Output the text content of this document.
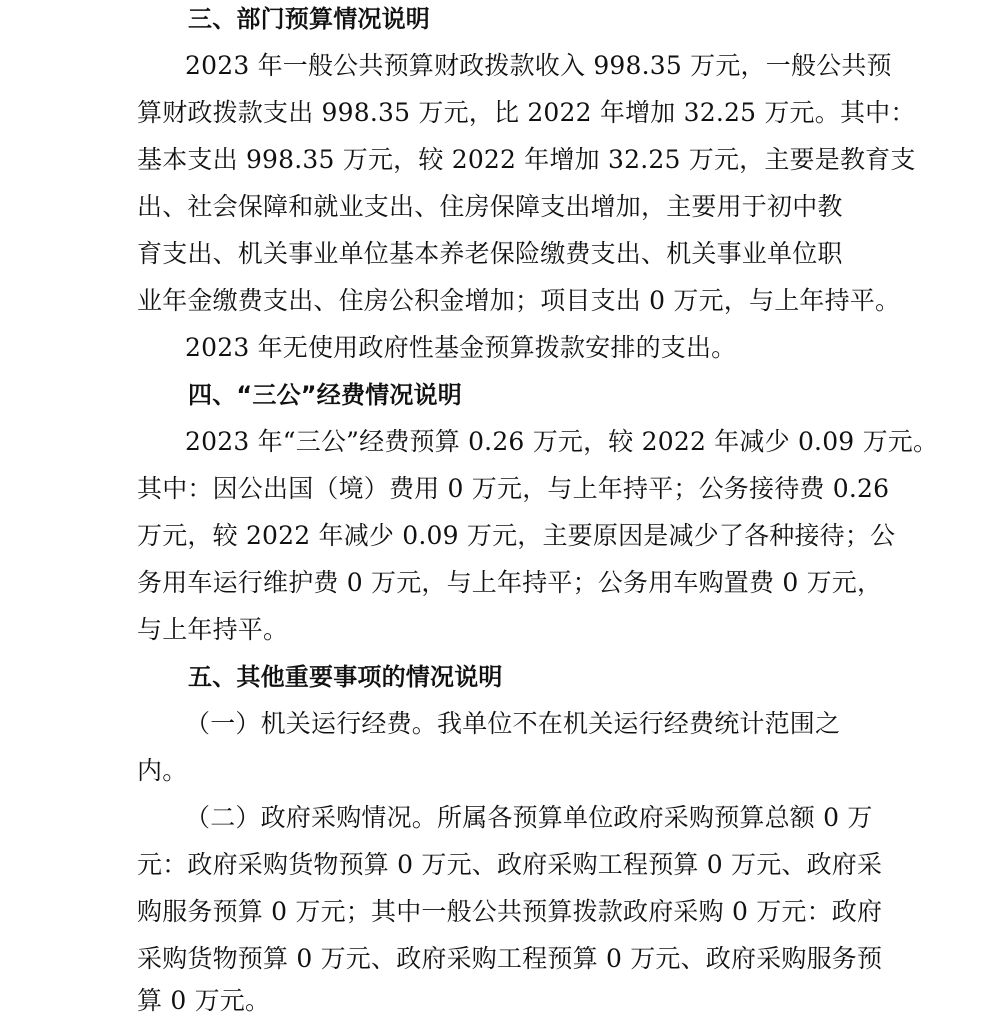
三、部门预算情况说明
2023 年一般公共预算财政拨款收入 998.35 万元，一般公共预
算财政拨款支出 998.35 万元，比 2022 年增加 32.25 万元。其中：
基本支出 998.35 万元，较 2022 年增加 32.25 万元，主要是教育支
出、社会保障和就业支出、住房保障支出增加，主要用于初中教
育支出、机关事业单位基本养老保险缴费支出、机关事业单位职
业年金缴费支出、住房公积金增加；项目支出 0 万元，与上年持平。
2023 年无使用政府性基金预算拨款安排的支出。
四、“三公”经费情况说明
2023 年“三公”经费预算 0.26 万元，较 2022 年减少 0.09 万元。
其中：因公出国（境）费用 0 万元，与上年持平；公务接待费 0.26
万元，较 2022 年减少 0.09 万元，主要原因是减少了各种接待；公
务用车运行维护费 0 万元，与上年持平；公务用车购置费 0 万元，
与上年持平。
五、其他重要事项的情况说明
（一）机关运行经费。我单位不在机关运行经费统计范围之
内。
（二）政府采购情况。所属各预算单位政府采购预算总额 0 万
元：政府采购货物预算 0 万元、政府采购工程预算 0 万元、政府采
购服务预算 0 万元；其中一般公共预算拨款政府采购 0 万元：政府
采购货物预算 0 万元、政府采购工程预算 0 万元、政府采购服务预
算 0 万元。
